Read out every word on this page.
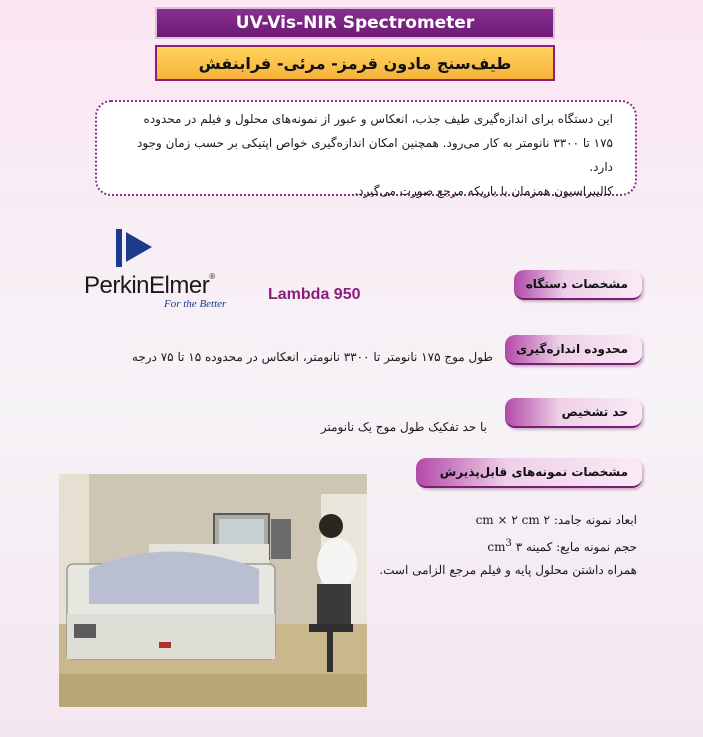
UV-Vis-NIR Spectrometer
طیف‌سنج مادون قرمز- مرئی- فرابنفش

این دستگاه برای اندازه‌گیری طیف جذب، انعکاس و عبور از نمونه‌های محلول و فیلم در محدوده

۱۷۵ تا ۳۳۰۰ نانومتر به کار می‌رود. همچنین امکان اندازه‌گیری خواص اپتیکی بر حسب زمان وجود دارد.

کالیبراسیون همزمان با باریکه مرجع صورت می‌گیرد.

PerkinElmer®
For the Better
Lambda 950
مشخصات دستگاه
محدوده اندازه‌گیری
طول موج ۱۷۵ نانومتر تا ۳۳۰۰ نانومتر، انعکاس در محدوده ۱۵ تا ۷۵ درجه
حد تشخیص
با حد تفکیک طول موج یک نانومتر
مشخصات نمونه‌های قابل‌پذیرش
ابعاد نمونه جامد: ۲ cm × ۲ cm
حجم نمونه مایع: کمینه ۳ $cm^3$
همراه داشتن محلول پایه و فیلم مرجع الزامی است.
